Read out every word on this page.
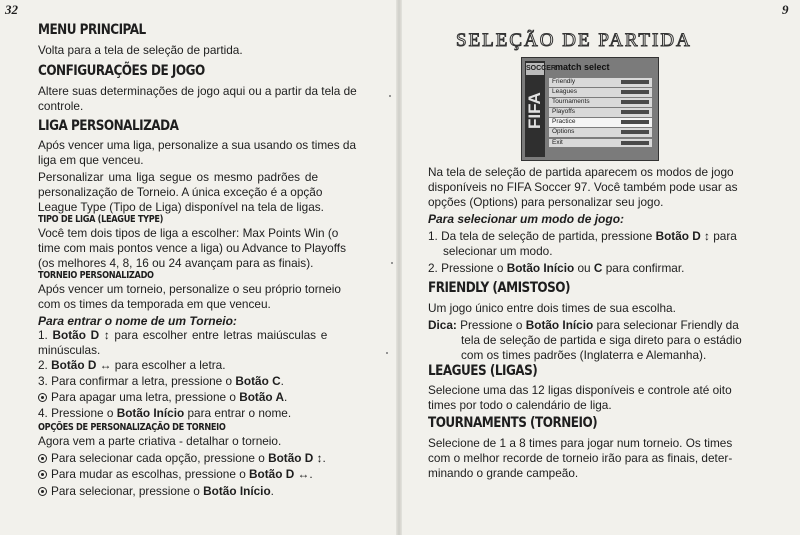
32
MENU PRINCIPAL
Volta para a tela de seleção de partida.
CONFIGURAÇÕES DE JOGO
Altere suas determinações de jogo aqui ou a partir da tela de
controle.
LIGA PERSONALIZADA
Após vencer uma liga, personalize a sua usando os times da
liga em que venceu.
Personalizar uma liga segue os mesmo padrões de
personalização de Torneio. A única exceção é a opção
League Type (Tipo de Liga) disponível na tela de ligas.
TIPO DE LIGA (LEAGUE TYPE)
Você tem dois tipos de liga a escolher: Max Points Win (o
time com mais pontos vence a liga) ou Advance to Playoffs
(os melhores 4, 8, 16 ou 24 avançam para as finais).
TORNEIO PERSONALIZADO
Após vencer um torneio, personalize o seu próprio torneio
com os times da temporada em que venceu.
Para entrar o nome de um Torneio:
1. Botão D ↕ para escolher entre letras maiúsculas e
minúsculas.
2. Botão D ↔ para escolher a letra.
3. Para confirmar a letra, pressione o Botão C.
Para apagar uma letra, pressione o Botão A.
4. Pressione o Botão Início para entrar o nome.
OPÇÕES DE PERSONALIZAÇÃO DE TORNEIO
Agora vem a parte criativa - detalhar o torneio.
Para selecionar cada opção, pressione o Botão D ↕.
Para mudar as escolhas, pressione o Botão D ↔.
Para selecionar, pressione o Botão Início.
9
SELEÇÃO DE PARTIDA
SOCCER
FIFA
match select
Friendly
Leagues
Tournaments
Playoffs
Practice
Options
Exit
Na tela de seleção de partida aparecem os modos de jogo
disponíveis no FIFA Soccer 97. Você também pode usar as
opções (Options) para personalizar seu jogo.
Para selecionar um modo de jogo:
1. Da tela de seleção de partida, pressione Botão D ↕ para
selecionar um modo.
2. Pressione o Botão Início ou C para confirmar.
FRIENDLY (AMISTOSO)
Um jogo único entre dois times de sua escolha.
Dica: Pressione o Botão Início para selecionar Friendly da
tela de seleção de partida e siga direto para o estádio
com os times padrões (Inglaterra e Alemanha).
LEAGUES (LIGAS)
Selecione uma das 12 ligas disponíveis e controle até oito
times por todo o calendário de liga.
TOURNAMENTS (TORNEIO)
Selecione de 1 a 8 times para jogar num torneio. Os times
com o melhor recorde de torneio irão para as finais, deter-
minando o grande campeão.
